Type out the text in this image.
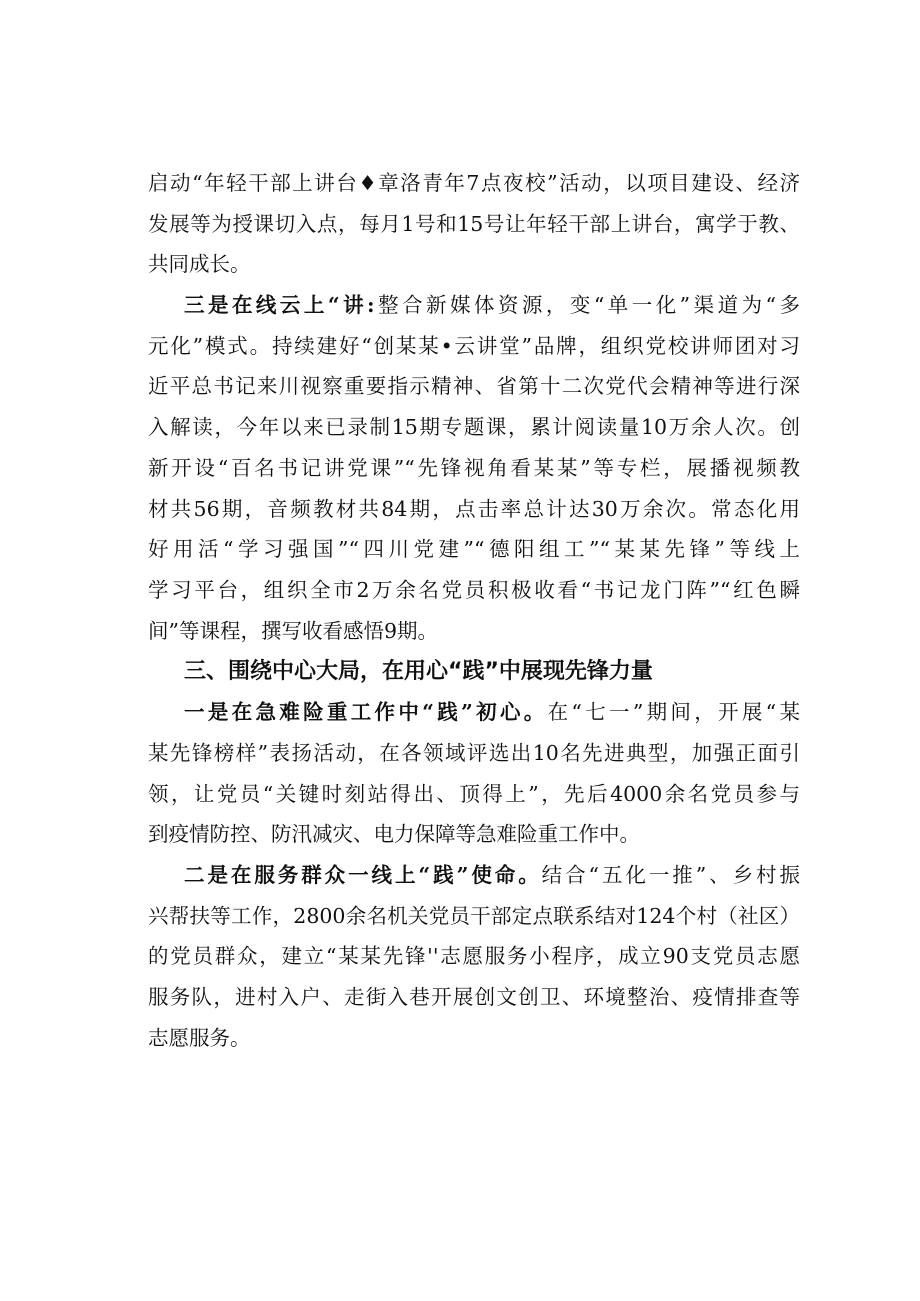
启动“年轻干部上讲台♦章洛青年7点夜校”活动，以项目建设、经济
发展等为授课切入点，每月1号和15号让年轻干部上讲台，寓学于教、
共同成长。
三是在线云上“讲:整合新媒体资源，变“单一化”渠道为“多
元化”模式。持续建好“创某某•云讲堂”品牌，组织党校讲师团对习
近平总书记来川视察重要指示精神、省第十二次党代会精神等进行深
入解读，今年以来已录制15期专题课，累计阅读量10万余人次。创
新开设“百名书记讲党课”“先锋视角看某某”等专栏，展播视频教
材共56期，音频教材共84期，点击率总计达30万余次。常态化用
好用活“学习强国”“四川党建”“德阳组工”“某某先锋”等线上
学习平台，组织全市2万余名党员积极收看“书记龙门阵”“红色瞬
间”等课程，撰写收看感悟9期。
三、围绕中心大局，在用心“践”中展现先锋力量
一是在急难险重工作中“践”初心。在“七一”期间，开展“某
某先锋榜样”表扬活动，在各领域评选出10名先进典型，加强正面引
领，让党员“关键时刻站得出、顶得上”，先后4000余名党员参与
到疫情防控、防汛减灾、电力保障等急难险重工作中。
二是在服务群众一线上“践”使命。结合“五化一推”、乡村振
兴帮扶等工作，2800余名机关党员干部定点联系结对124个村（社区）
的党员群众，建立“某某先锋''志愿服务小程序，成立90支党员志愿
服务队，进村入户、走街入巷开展创文创卫、环境整治、疫情排查等
志愿服务。
